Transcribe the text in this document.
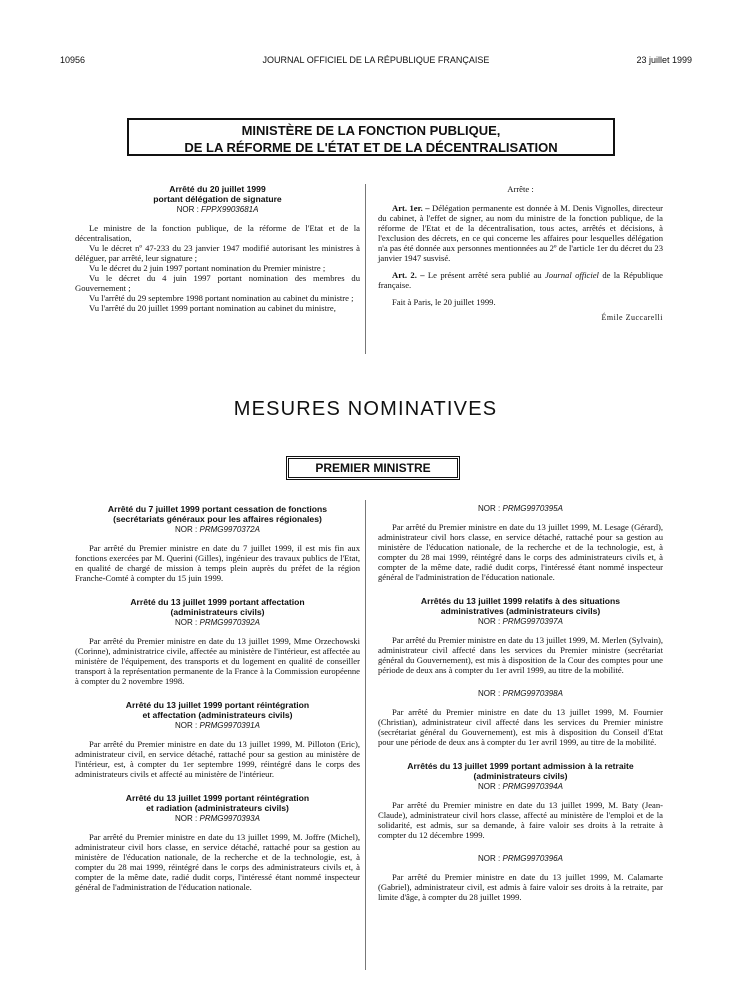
10956	JOURNAL OFFICIEL DE LA RÉPUBLIQUE FRANÇAISE	23 juillet 1999
MINISTÈRE DE LA FONCTION PUBLIQUE,
DE LA RÉFORME DE L'ÉTAT ET DE LA DÉCENTRALISATION
Arrêté du 20 juillet 1999
portant délégation de signature
NOR : FPPX9903681A

Le ministre de la fonction publique, de la réforme de l'Etat et de la décentralisation,

Vu le décret nº 47-233 du 23 janvier 1947 modifié autorisant les ministres à déléguer, par arrêté, leur signature ;

Vu le décret du 2 juin 1997 portant nomination du Premier ministre ;

Vu le décret du 4 juin 1997 portant nomination des membres du Gouvernement ;

Vu l'arrêté du 29 septembre 1998 portant nomination au cabinet du ministre ;

Vu l'arrêté du 20 juillet 1999 portant nomination au cabinet du ministre,

Arrête :

Art. 1er. – Délégation permanente est donnée à M. Denis Vignolles, directeur du cabinet, à l'effet de signer, au nom du ministre de la fonction publique, de la réforme de l'Etat et de la décentralisation, tous actes, arrêtés et décisions, à l'exclusion des décrets, en ce qui concerne les affaires pour lesquelles délégation n'a pas été donnée aux personnes mentionnées au 2º de l'article 1er du décret du 23 janvier 1947 susvisé.

Art. 2. – Le présent arrêté sera publié au Journal officiel de la République française.

Fait à Paris, le 20 juillet 1999.

Émile Zuccarelli
MESURES NOMINATIVES
PREMIER MINISTRE
Arrêté du 7 juillet 1999 portant cessation de fonctions
(secrétariats généraux pour les affaires régionales)
NOR : PRMG9970372A

Par arrêté du Premier ministre en date du 7 juillet 1999, il est mis fin aux fonctions exercées par M. Querini (Gilles), ingénieur des travaux publics de l'Etat, en qualité de chargé de mission à temps plein auprès du préfet de la région Franche-Comté à compter du 15 juin 1999.

Arrêté du 13 juillet 1999 portant affectation
(administrateurs civils)
NOR : PRMG9970392A

Par arrêté du Premier ministre en date du 13 juillet 1999, Mme Orzechowski (Corinne), administratrice civile, affectée au ministère de l'intérieur, est affectée au ministère de l'équipement, des transports et du logement en qualité de conseiller transport à la représentation permanente de la France à la Commission européenne à compter du 2 novembre 1998.

Arrêté du 13 juillet 1999 portant réintégration
et affectation (administrateurs civils)
NOR : PRMG9970391A

Par arrêté du Premier ministre en date du 13 juillet 1999, M. Pilloton (Eric), administrateur civil, en service détaché, rattaché pour sa gestion au ministère de l'intérieur, est, à compter du 1er septembre 1999, réintégré dans le corps des administrateurs civils et affecté au ministère de l'intérieur.

Arrêté du 13 juillet 1999 portant réintégration
et radiation (administrateurs civils)
NOR : PRMG9970393A

Par arrêté du Premier ministre en date du 13 juillet 1999, M. Joffre (Michel), administrateur civil hors classe, en service détaché, rattaché pour sa gestion au ministère de l'éducation nationale, de la recherche et de la technologie, est, à compter du 28 mai 1999, réintégré dans le corps des administrateurs civils et, à compter de la même date, radié dudit corps, l'intéressé étant nommé inspecteur général de l'administration de l'éducation nationale.

NOR : PRMG9970395A

Par arrêté du Premier ministre en date du 13 juillet 1999, M. Lesage (Gérard), administrateur civil hors classe, en service détaché, rattaché pour sa gestion au ministère de l'éducation nationale, de la recherche et de la technologie, est, à compter du 28 mai 1999, réintégré dans le corps des administrateurs civils et, à compter de la même date, radié dudit corps, l'intéressé étant nommé inspecteur général de l'administration de l'éducation nationale.

Arrêtés du 13 juillet 1999 relatifs à des situations
administratives (administrateurs civils)
NOR : PRMG9970397A

Par arrêté du Premier ministre en date du 13 juillet 1999, M. Merlen (Sylvain), administrateur civil affecté dans les services du Premier ministre (secrétariat général du Gouvernement), est mis à disposition de la Cour des comptes pour une période de deux ans à compter du 1er avril 1999, au titre de la mobilité.

NOR : PRMG9970398A

Par arrêté du Premier ministre en date du 13 juillet 1999, M. Fournier (Christian), administrateur civil affecté dans les services du Premier ministre (secrétariat général du Gouvernement), est mis à disposition du Conseil d'Etat pour une période de deux ans à compter du 1er avril 1999, au titre de la mobilité.

Arrêtés du 13 juillet 1999 portant admission à la retraite
(administrateurs civils)
NOR : PRMG9970394A

Par arrêté du Premier ministre en date du 13 juillet 1999, M. Baty (Jean-Claude), administrateur civil hors classe, affecté au ministère de l'emploi et de la solidarité, est admis, sur sa demande, à faire valoir ses droits à la retraite à compter du 12 décembre 1999.

NOR : PRMG9970396A

Par arrêté du Premier ministre en date du 13 juillet 1999, M. Calamarte (Gabriel), administrateur civil, est admis à faire valoir ses droits à la retraite, par limite d'âge, à compter du 28 juillet 1999.
